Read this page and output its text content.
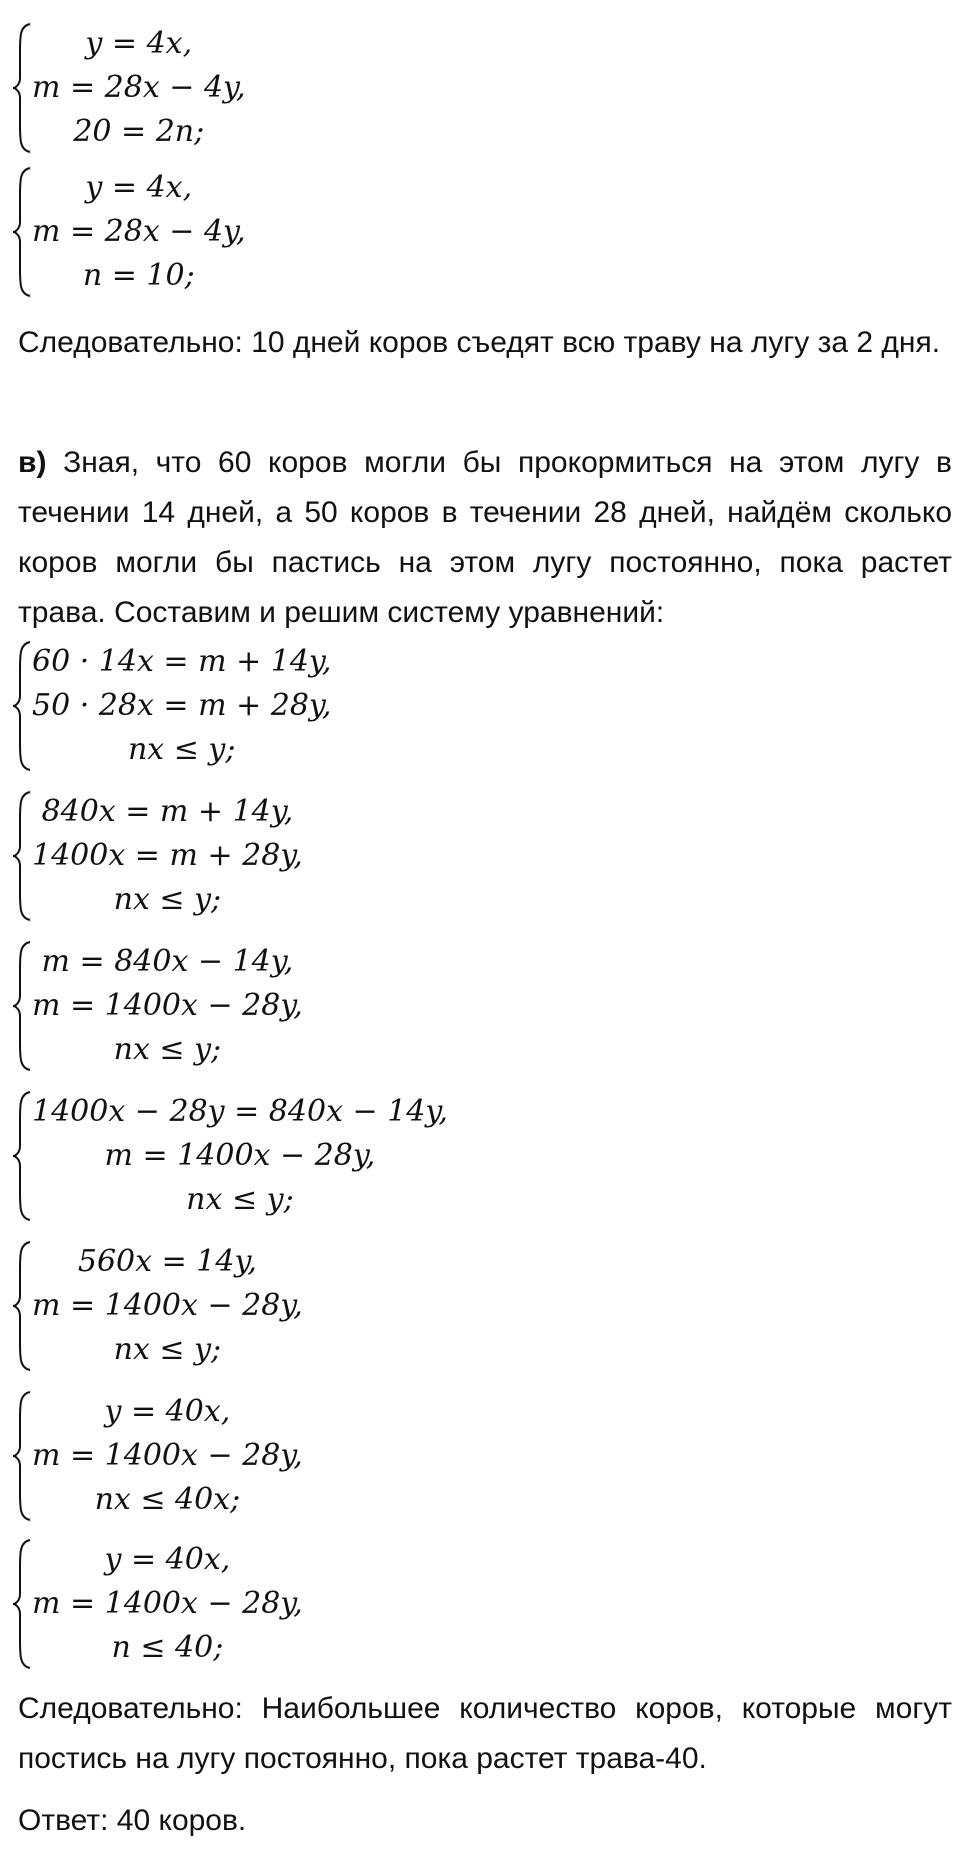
y = 4x,
m = 28x − 4y,
20 = 2n;
y = 4x,
m = 28x − 4y,
n = 10;

Следовательно: 10 дней коров съедят всю траву на лугу за 2 дня.

в) Зная, что 60 коров могли бы прокормиться на этом лугу в течении 14 дней, а 50 коров в течении 28 дней, найдём сколько коров могли бы пастись на этом лугу постоянно, пока растет трава. Составим и решим систему уравнений:

60 · 14x = m + 14y,
50 · 28x = m + 28y,
nx ≤ y;
840x = m + 14y,
1400x = m + 28y,
nx ≤ y;
m = 840x − 14y,
m = 1400x − 28y,
nx ≤ y;
1400x − 28y = 840x − 14y,
m = 1400x − 28y,
nx ≤ y;
560x = 14y,
m = 1400x − 28y,
nx ≤ y;
y = 40x,
m = 1400x − 28y,
nx ≤ 40x;
y = 40x,
m = 1400x − 28y,
n ≤ 40;

Следовательно: Наибольшее количество коров, которые могут постись на лугу постоянно, пока растет трава-40.

Ответ: 40 коров.
